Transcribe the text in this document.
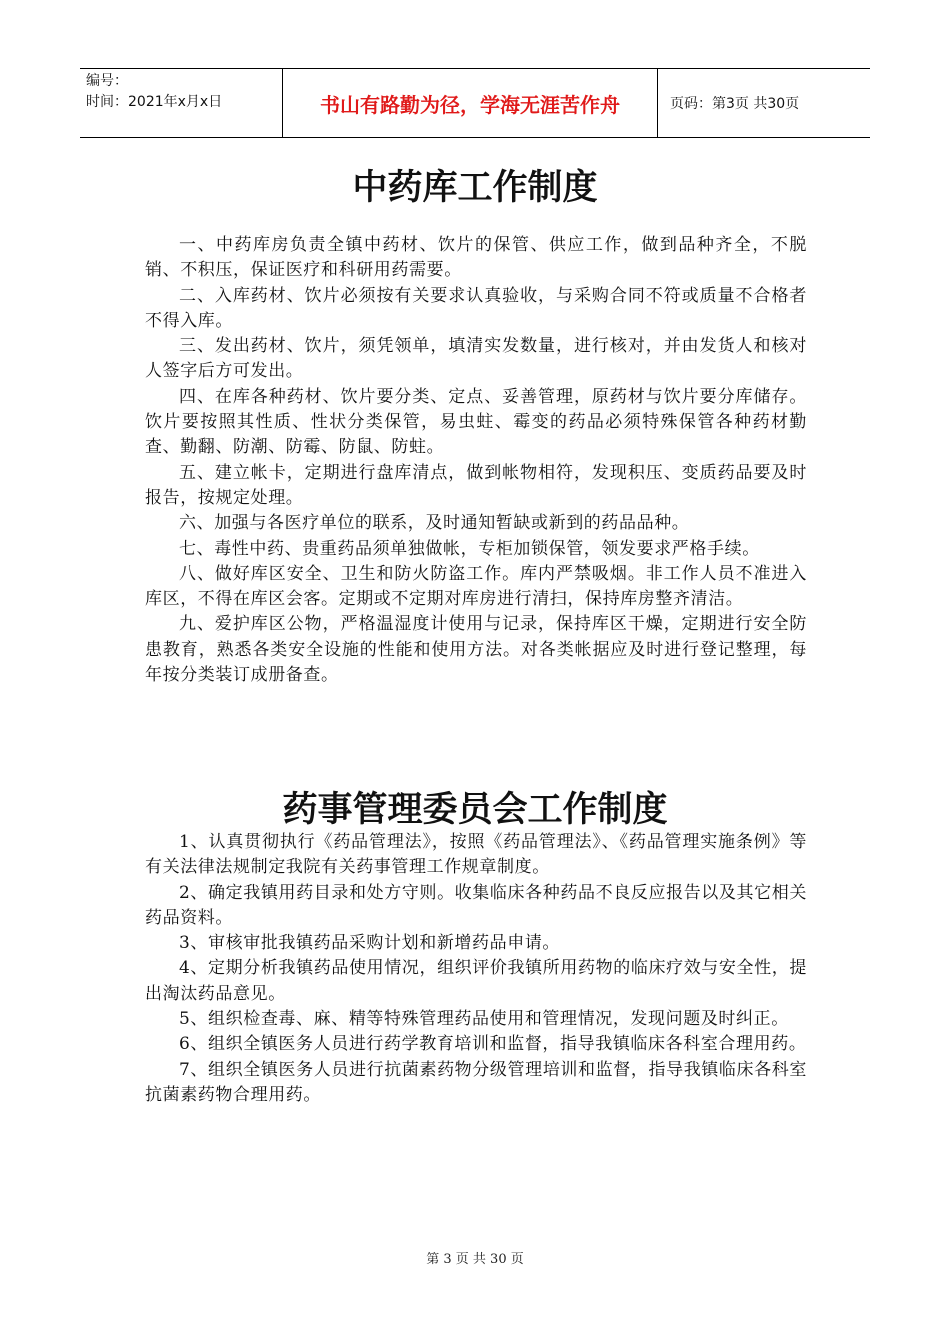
编号：
时间：2021年x月x日	书山有路勤为径，学海无涯苦作舟	页码：第3页 共30页
中药库工作制度

一、中药库房负责全镇中药材、饮片的保管、供应工作，做到品种齐全，不脱销、不积压，保证医疗和科研用药需要。

二、入库药材、饮片必须按有关要求认真验收，与采购合同不符或质量不合格者不得入库。

三、发出药材、饮片，须凭领单，填清实发数量，进行核对，并由发货人和核对人签字后方可发出。

四、在库各种药材、饮片要分类、定点、妥善管理，原药材与饮片要分库储存。饮片要按照其性质、性状分类保管，易虫蛀、霉变的药品必须特殊保管各种药材勤查、勤翻、防潮、防霉、防鼠、防蛀。

五、建立帐卡，定期进行盘库清点，做到帐物相符，发现积压、变质药品要及时报告，按规定处理。

六、加强与各医疗单位的联系，及时通知暂缺或新到的药品品种。

七、毒性中药、贵重药品须单独做帐，专柜加锁保管，领发要求严格手续。

八、做好库区安全、卫生和防火防盗工作。库内严禁吸烟。非工作人员不准进入库区，不得在库区会客。定期或不定期对库房进行清扫，保持库房整齐清洁。

九、爱护库区公物，严格温湿度计使用与记录，保持库区干燥，定期进行安全防患教育，熟悉各类安全设施的性能和使用方法。对各类帐据应及时进行登记整理，每年按分类装订成册备查。

药事管理委员会工作制度

1、认真贯彻执行《药品管理法》，按照《药品管理法》、《药品管理实施条例》等有关法律法规制定我院有关药事管理工作规章制度。

2、确定我镇用药目录和处方守则。收集临床各种药品不良反应报告以及其它相关药品资料。

3、审核审批我镇药品采购计划和新增药品申请。

4、定期分析我镇药品使用情况，组织评价我镇所用药物的临床疗效与安全性，提出淘汰药品意见。

5、组织检查毒、麻、精等特殊管理药品使用和管理情况，发现问题及时纠正。

6、组织全镇医务人员进行药学教育培训和监督，指导我镇临床各科室合理用药。

7、组织全镇医务人员进行抗菌素药物分级管理培训和监督，指导我镇临床各科室抗菌素药物合理用药。

第 3 页 共 30 页
